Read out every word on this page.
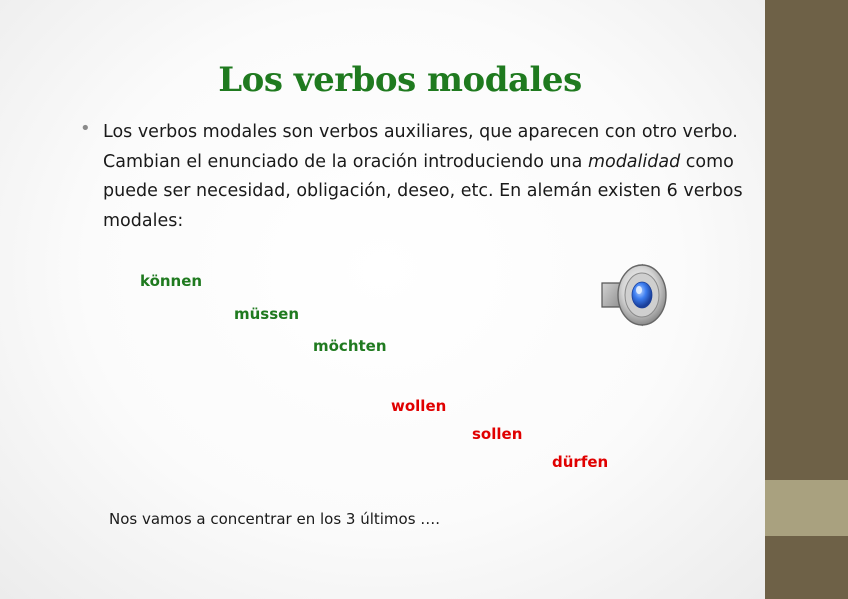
Los verbos modales
• Los verbos modales son verbos auxiliares, que aparecen con otro verbo. Cambian el enunciado de la oración introduciendo una modalidad como puede ser necesidad, obligación, deseo, etc. En alemán existen 6 verbos modales:
können
müssen
möchten
wollen
sollen
dürfen
Nos vamos a concentrar en los 3 últimos ….
